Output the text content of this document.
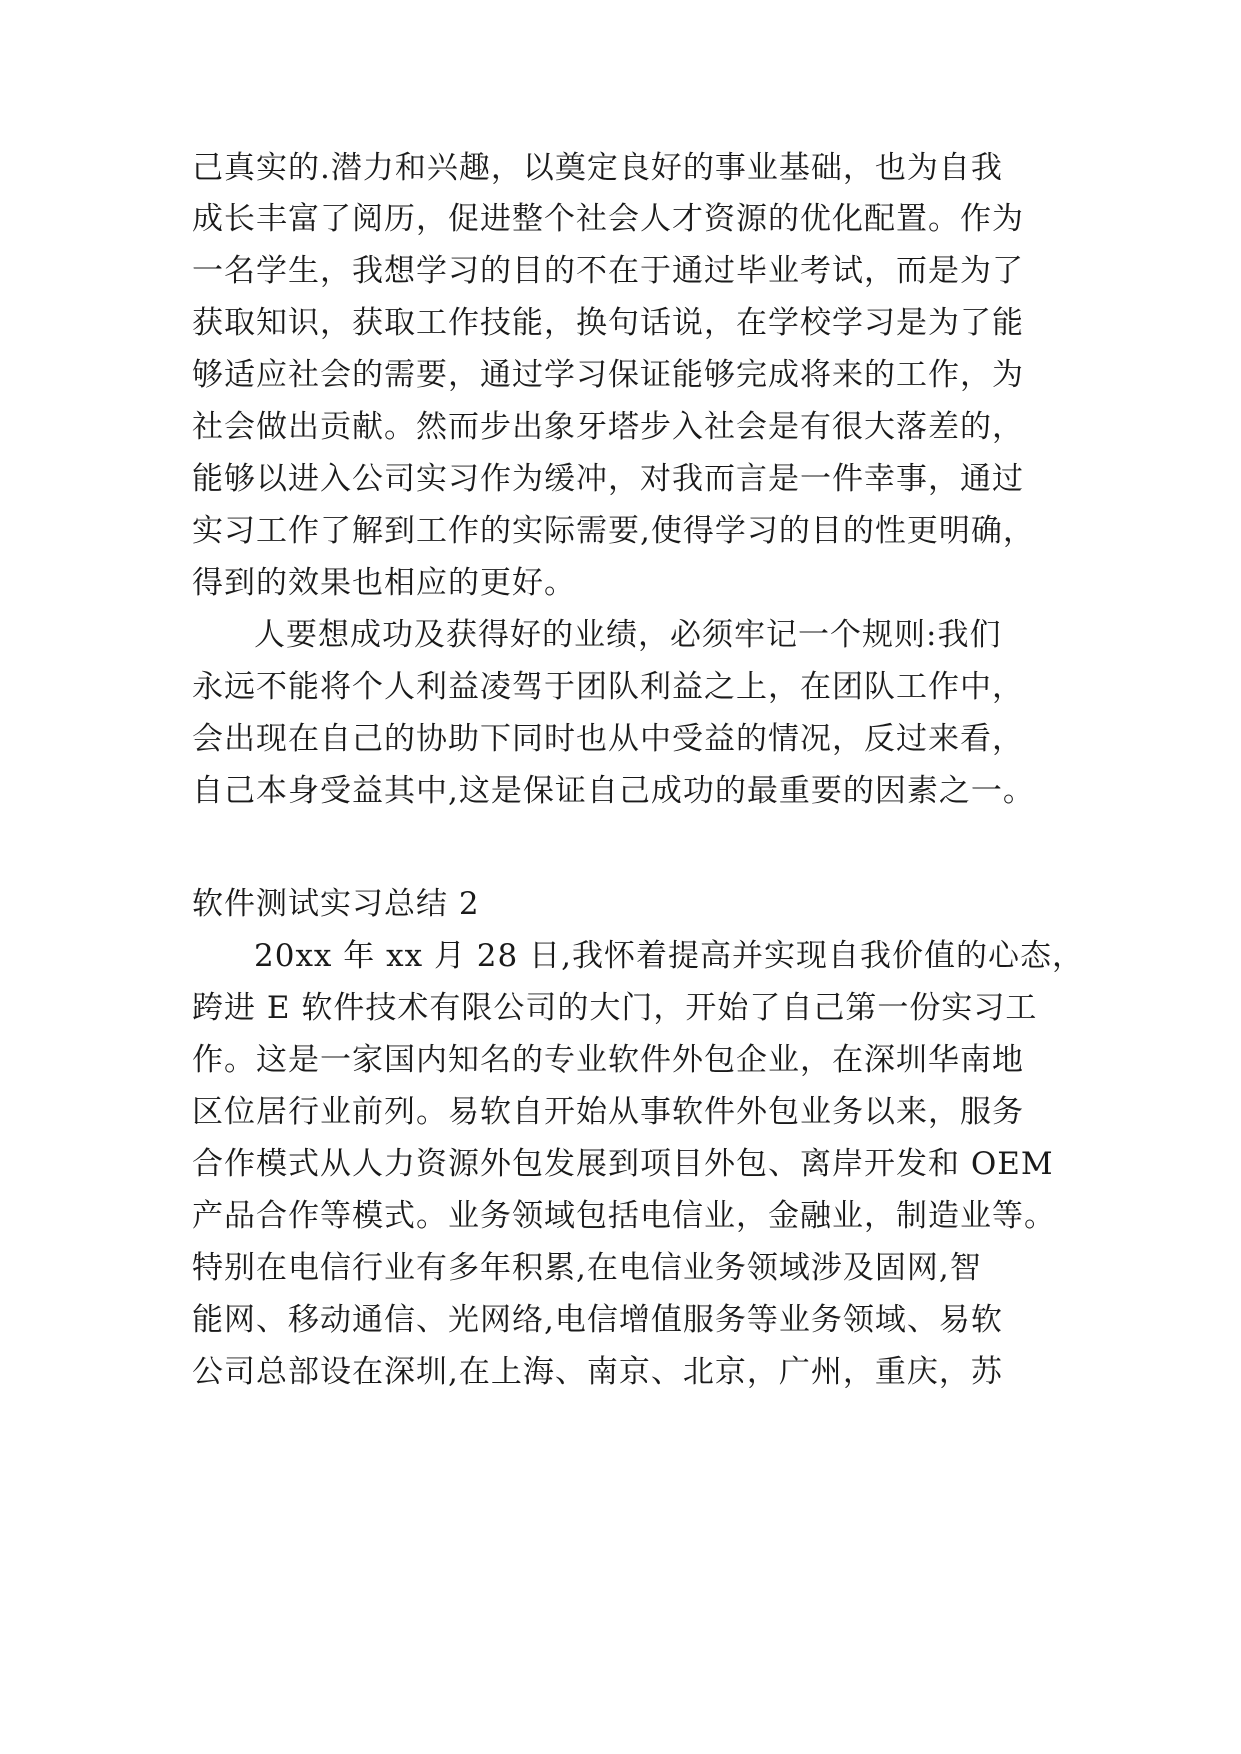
己真实的.潜力和兴趣，以奠定良好的事业基础，也为自我
成长丰富了阅历，促进整个社会人才资源的优化配置。作为
一名学生，我想学习的目的不在于通过毕业考试，而是为了
获取知识，获取工作技能，换句话说，在学校学习是为了能
够适应社会的需要，通过学习保证能够完成将来的工作，为
社会做出贡献。然而步出象牙塔步入社会是有很大落差的，
能够以进入公司实习作为缓冲，对我而言是一件幸事，通过
实习工作了解到工作的实际需要,使得学习的目的性更明确，
得到的效果也相应的更好。
人要想成功及获得好的业绩，必须牢记一个规则:我们
永远不能将个人利益凌驾于团队利益之上，在团队工作中，
会出现在自己的协助下同时也从中受益的情况，反过来看，
自己本身受益其中,这是保证自己成功的最重要的因素之一。
软件测试实习总结 2
20xx 年 xx 月 28 日,我怀着提高并实现自我价值的心态，
跨进 E 软件技术有限公司的大门，开始了自己第一份实习工
作。这是一家国内知名的专业软件外包企业，在深圳华南地
区位居行业前列。易软自开始从事软件外包业务以来，服务
合作模式从人力资源外包发展到项目外包、离岸开发和 OEM
产品合作等模式。业务领域包括电信业，金融业，制造业等。
特别在电信行业有多年积累,在电信业务领域涉及固网,智
能网、移动通信、光网络,电信增值服务等业务领域、易软
公司总部设在深圳,在上海、南京、北京，广州，重庆，苏
